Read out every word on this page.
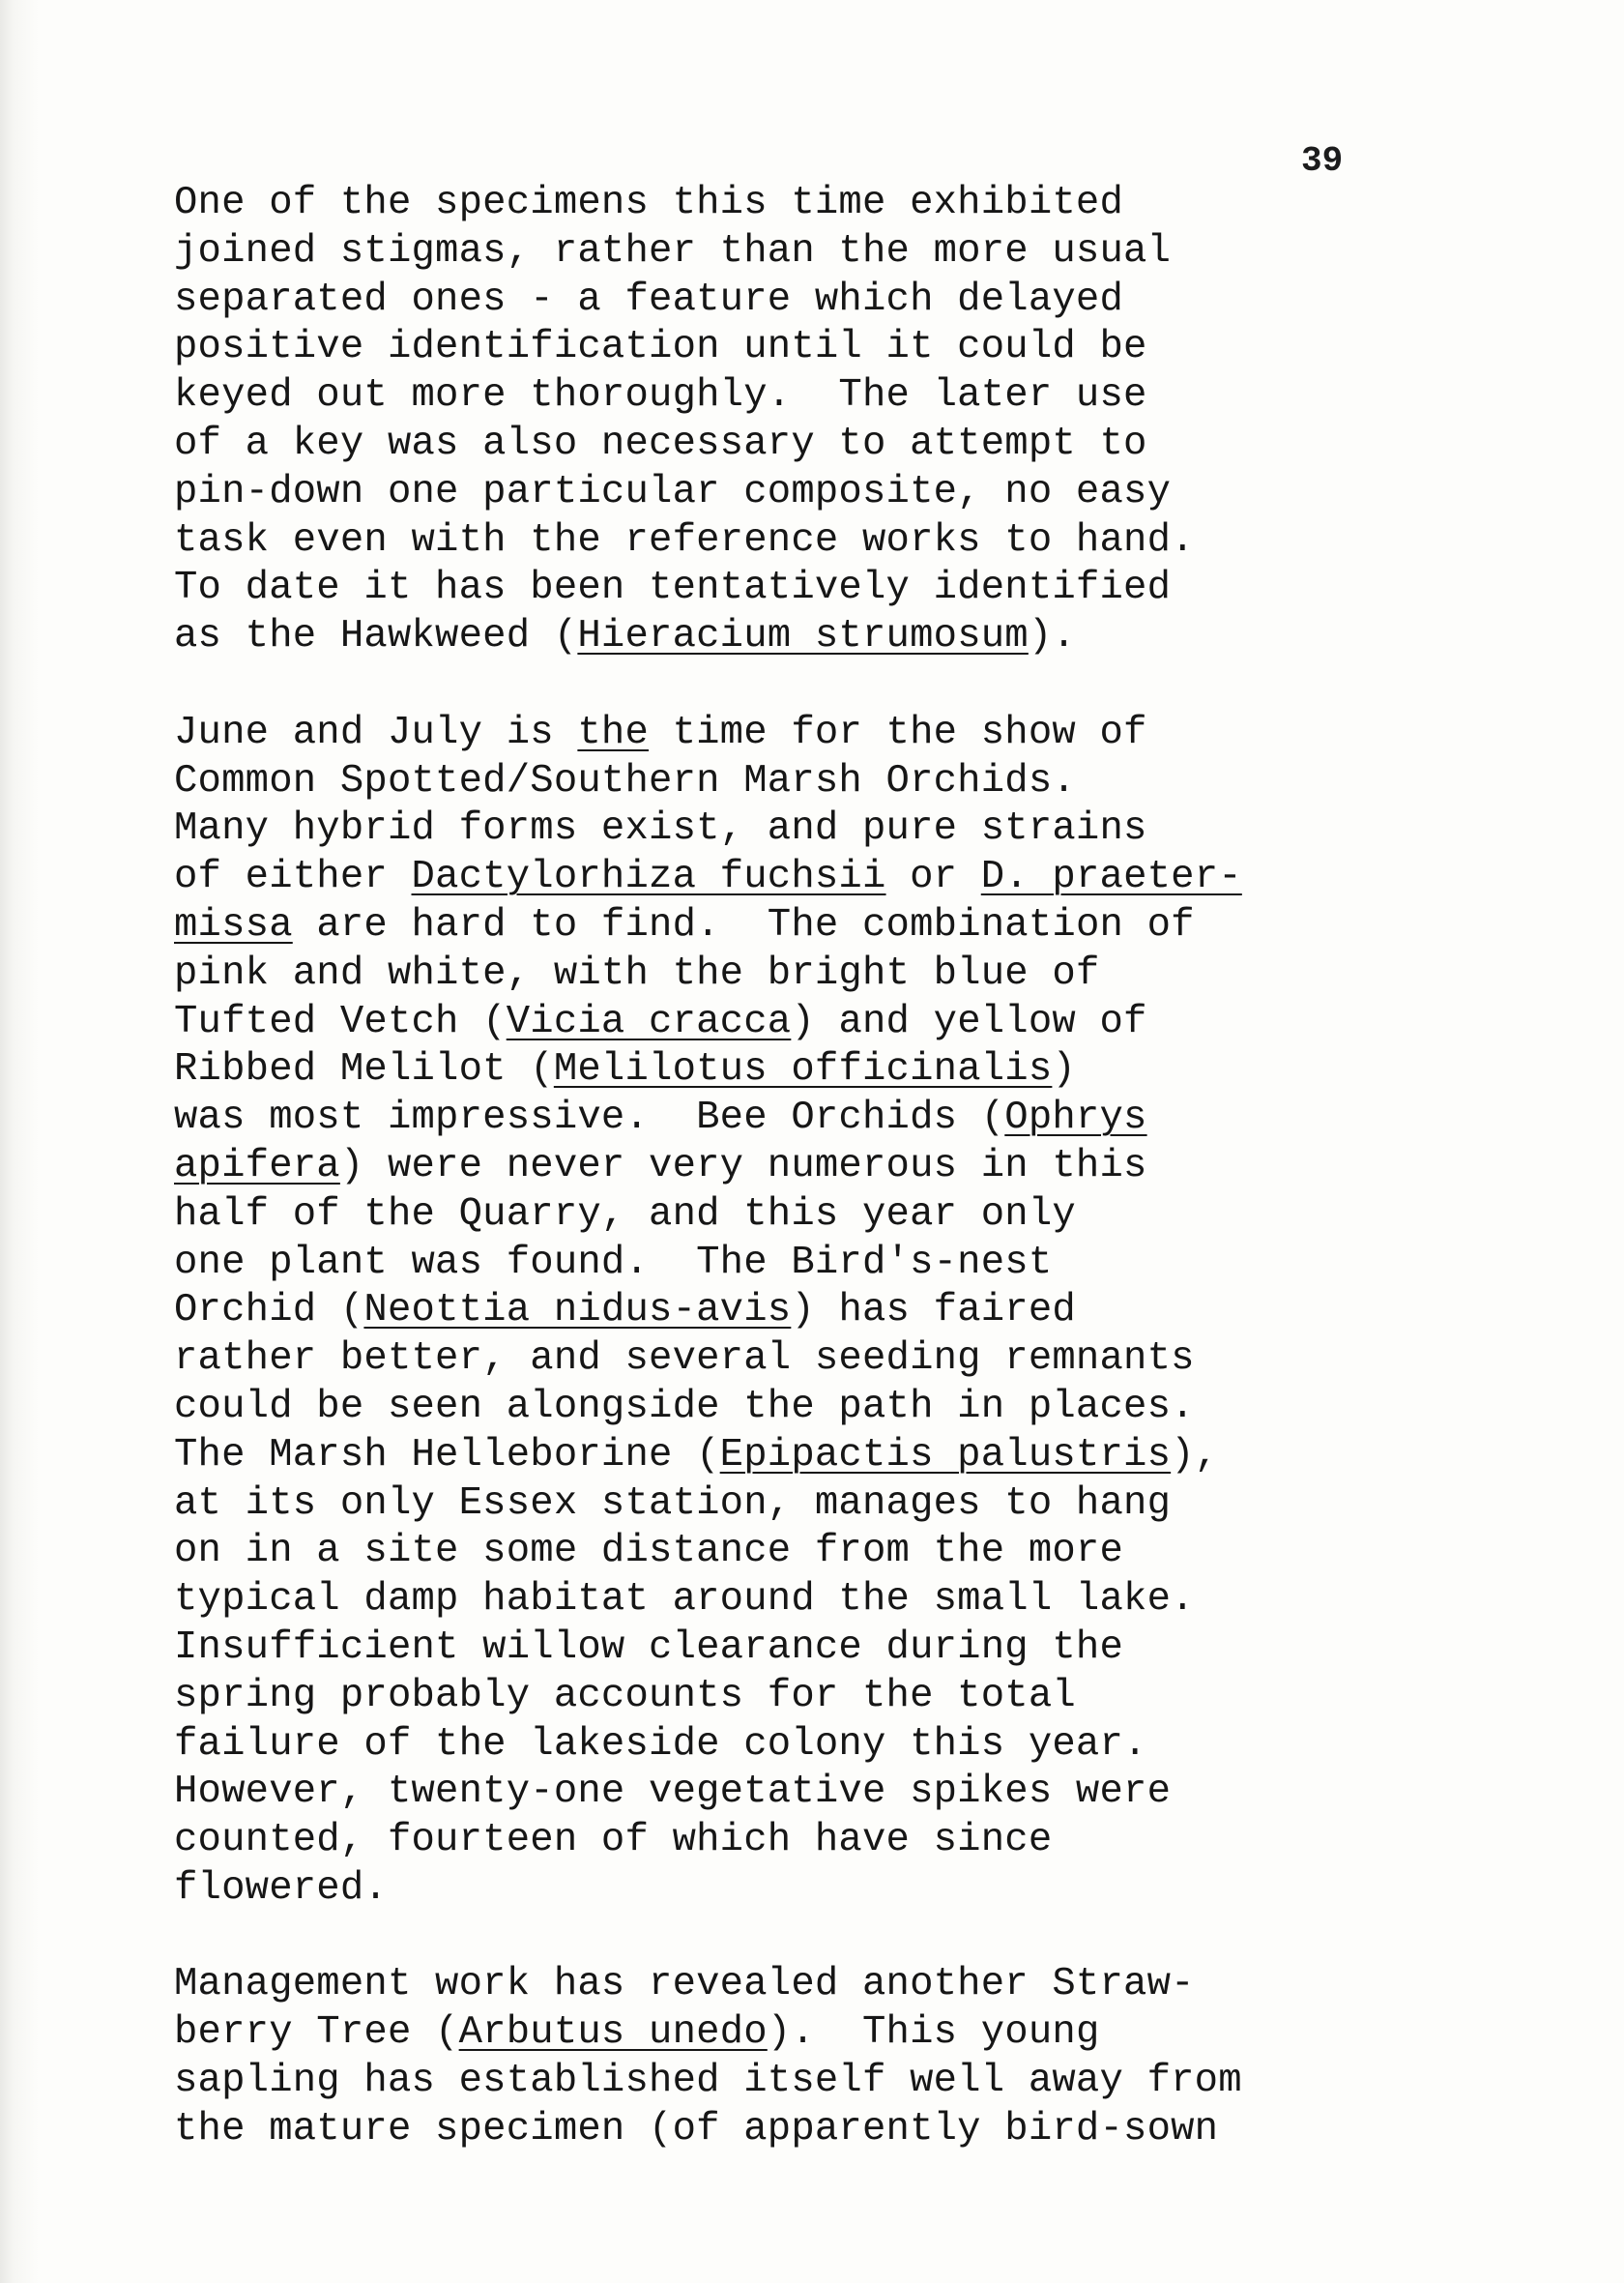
39
One of the specimens this time exhibited
joined stigmas, rather than the more usual
separated ones - a feature which delayed
positive identification until it could be
keyed out more thoroughly.  The later use
of a key was also necessary to attempt to
pin-down one particular composite, no easy
task even with the reference works to hand.
To date it has been tentatively identified
as the Hawkweed (Hieracium strumosum).
June and July is the time for the show of
Common Spotted/Southern Marsh Orchids.
Many hybrid forms exist, and pure strains
of either Dactylorhiza fuchsii or D. praeter-
missa are hard to find.  The combination of
pink and white, with the bright blue of
Tufted Vetch (Vicia cracca) and yellow of
Ribbed Melilot (Melilotus officinalis)
was most impressive.  Bee Orchids (Ophrys
apifera) were never very numerous in this
half of the Quarry, and this year only
one plant was found.  The Bird's-nest
Orchid (Neottia nidus-avis) has faired
rather better, and several seeding remnants
could be seen alongside the path in places.
The Marsh Helleborine (Epipactis palustris),
at its only Essex station, manages to hang
on in a site some distance from the more
typical damp habitat around the small lake.
Insufficient willow clearance during the
spring probably accounts for the total
failure of the lakeside colony this year.
However, twenty-one vegetative spikes were
counted, fourteen of which have since
flowered.
Management work has revealed another Straw-
berry Tree (Arbutus unedo).  This young
sapling has established itself well away from
the mature specimen (of apparently bird-sown
